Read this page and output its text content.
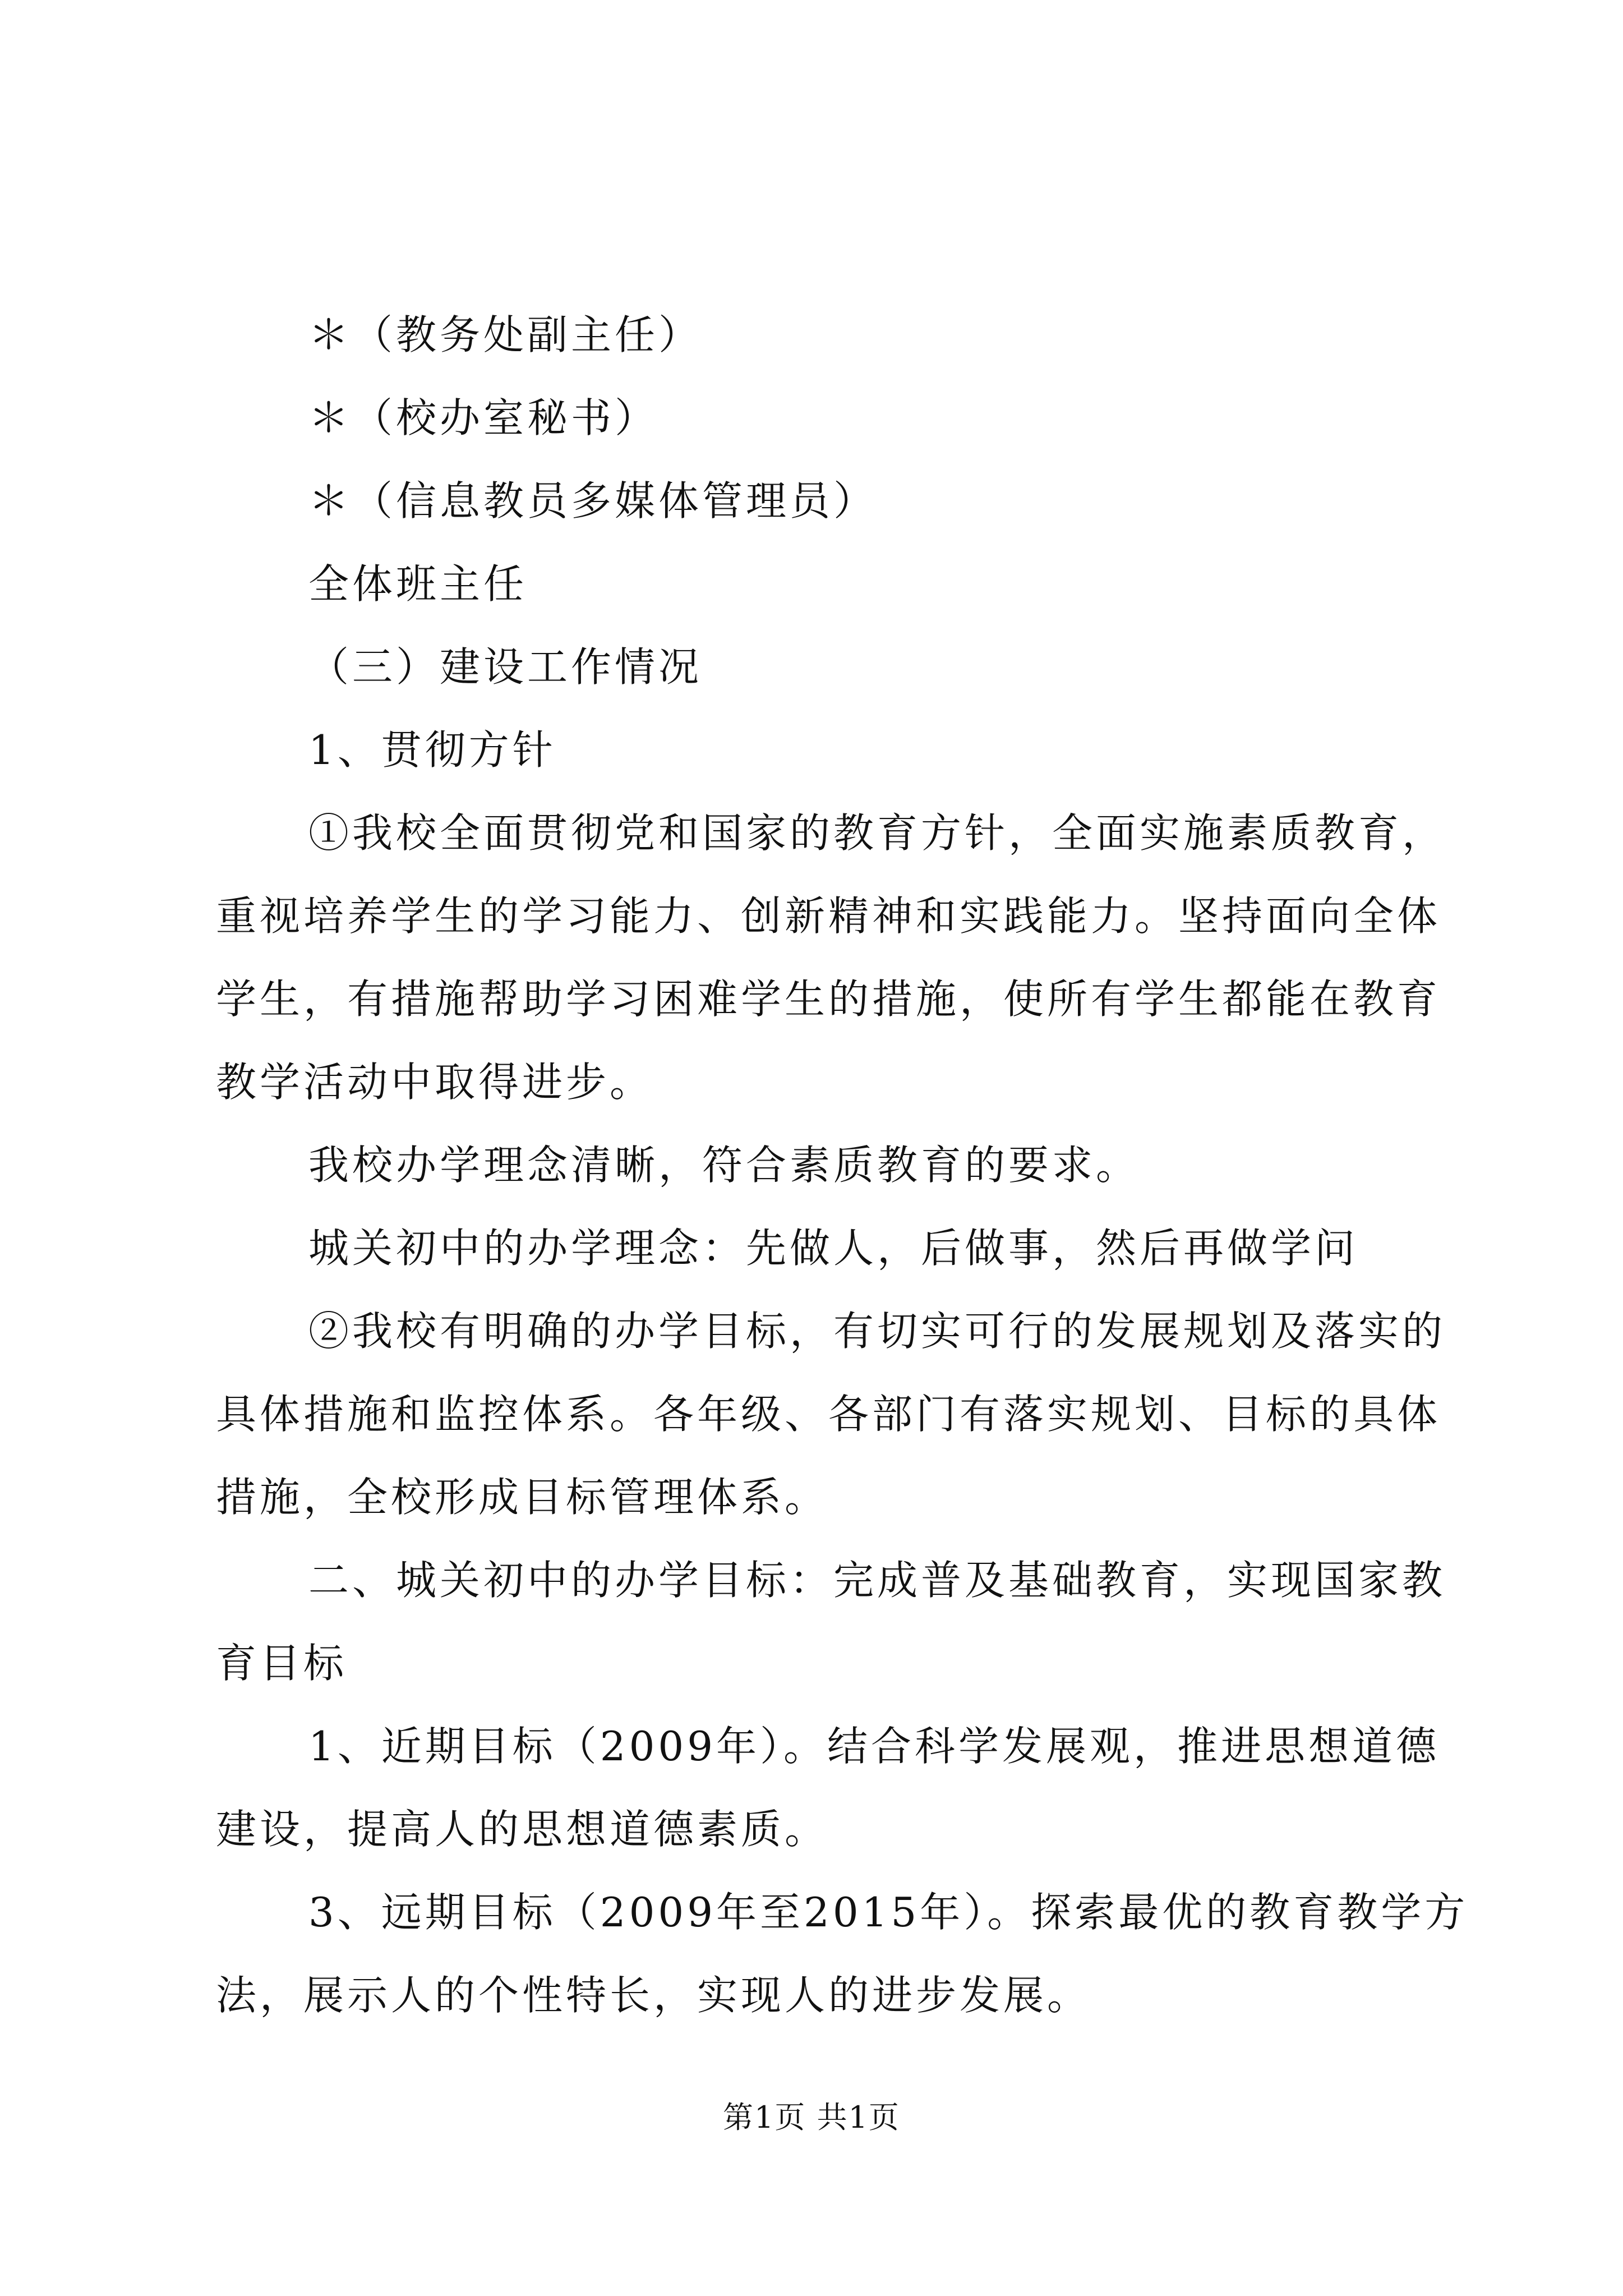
＊（教务处副主任）
＊（校办室秘书）
＊（信息教员多媒体管理员）
全体班主任
（三）建设工作情况
1、贯彻方针
①我校全面贯彻党和国家的教育方针，全面实施素质教育，
重视培养学生的学习能力、创新精神和实践能力。坚持面向全体
学生，有措施帮助学习困难学生的措施，使所有学生都能在教育
教学活动中取得进步。
我校办学理念清晰，符合素质教育的要求。
城关初中的办学理念：先做人，后做事，然后再做学问
②我校有明确的办学目标，有切实可行的发展规划及落实的
具体措施和监控体系。各年级、各部门有落实规划、目标的具体
措施，全校形成目标管理体系。
二、城关初中的办学目标：完成普及基础教育，实现国家教
育目标
1、近期目标（2009年）。结合科学发展观，推进思想道德
建设，提高人的思想道德素质。
3、远期目标（2009年至2015年）。探索最优的教育教学方
法，展示人的个性特长，实现人的进步发展。
第1页 共1页
